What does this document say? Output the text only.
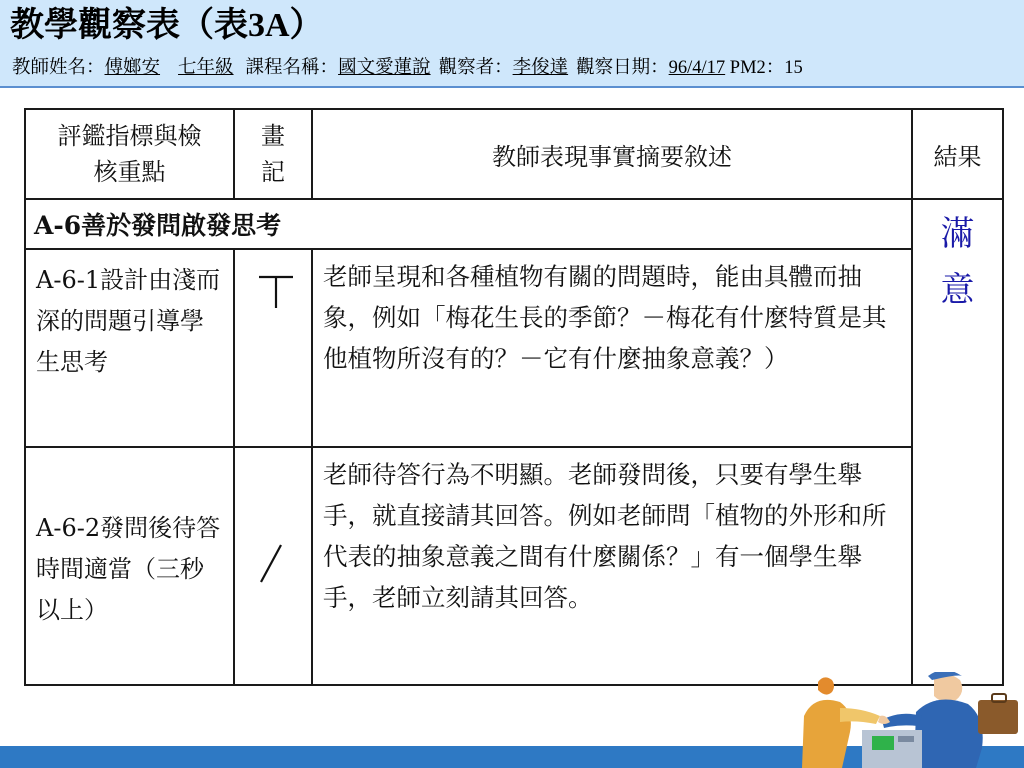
教學觀察表（表3A）
教師姓名：傅嫏安 七年級 課程名稱：國文愛蓮說 觀察者：李俊達 觀察日期：96/4/17 PM2：15
評鑑指標與檢核重點	畫記	教師表現事實摘要敘述	結果
A-6善於發問啟發思考			滿意

A-6-1設計由淺而深的問題引導學生思考		老師呈現和各種植物有關的問題時，能由具體而抽象，例如「梅花生長的季節？－梅花有什麼特質是其他植物所沒有的？－它有什麼抽象意義？）	
A-6-2發問後待答時間適當（三秒以上）		老師待答行為不明顯。老師發問後，只要有學生舉手，就直接請其回答。例如老師問「植物的外形和所代表的抽象意義之間有什麼關係？」有一個學生舉手，老師立刻請其回答。	
